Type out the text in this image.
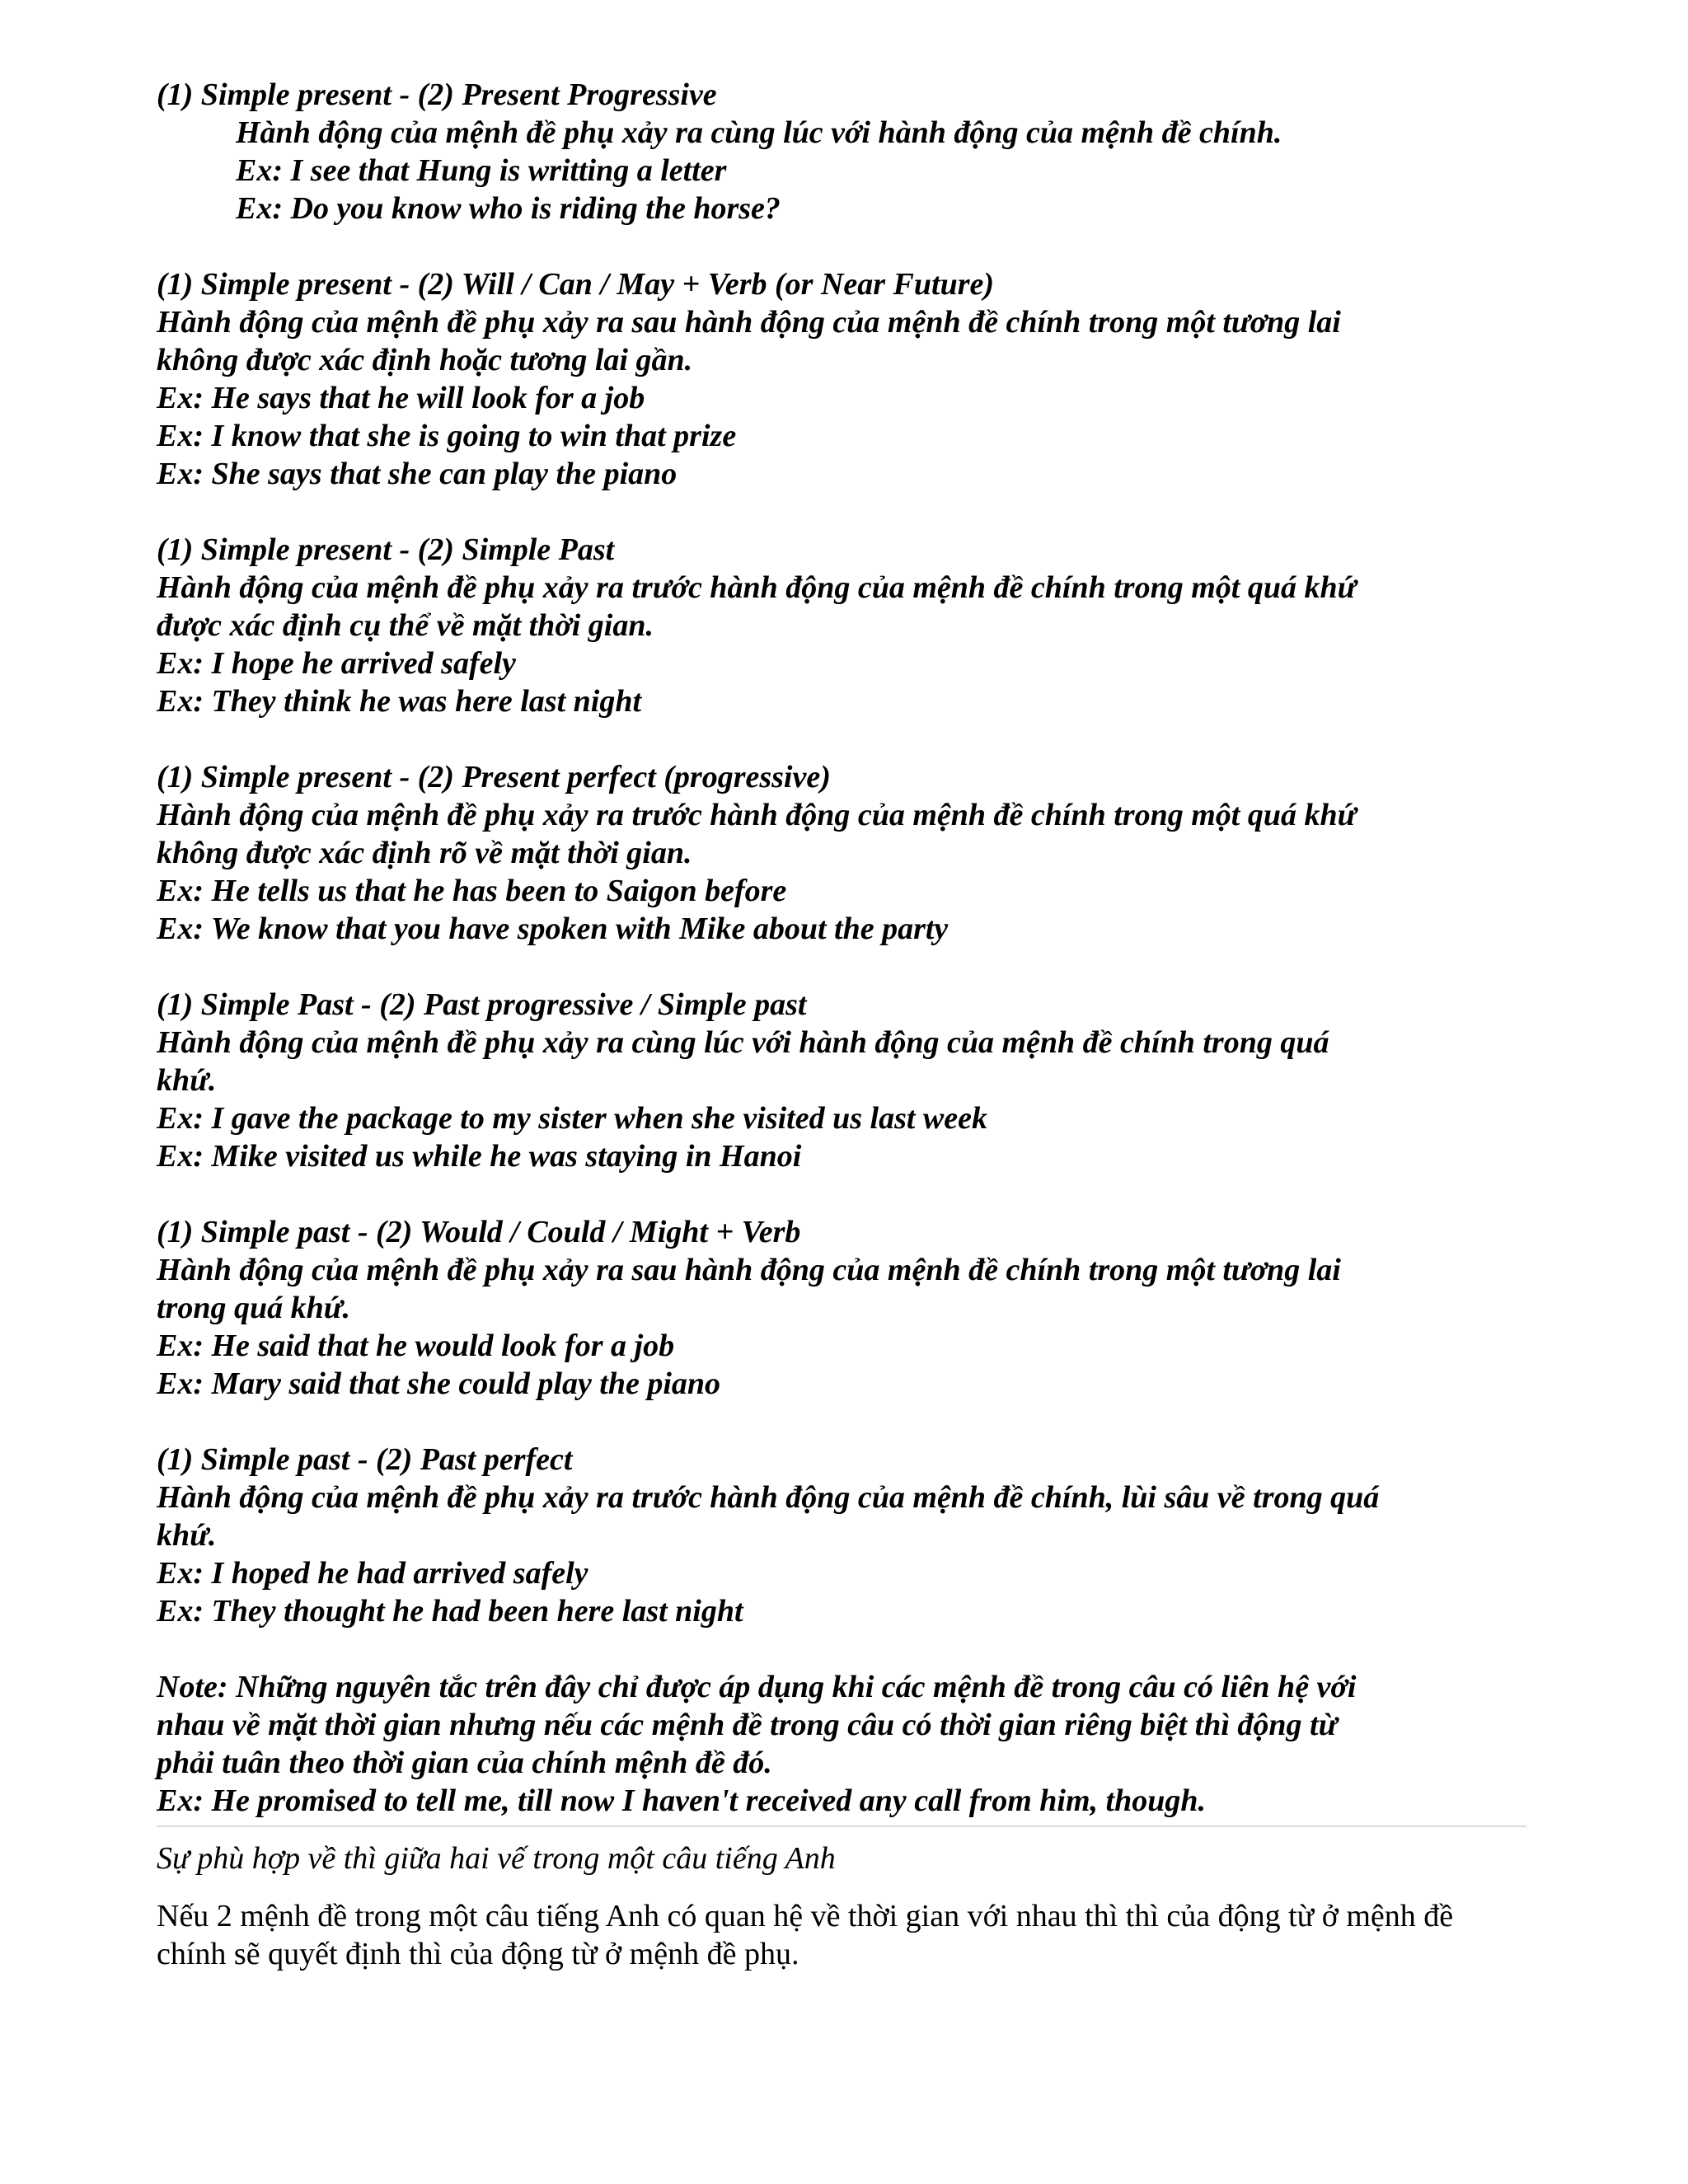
(1) Simple present - (2) Present Progressive
Hành động của mệnh đề phụ xảy ra cùng lúc với hành động của mệnh đề chính.
Ex: I see that Hung is writting a letter
Ex: Do you know who is riding the horse?
(1) Simple present - (2) Will / Can / May + Verb (or Near Future)
Hành động của mệnh đề phụ xảy ra sau hành động của mệnh đề chính trong một tương lai
không được xác định hoặc tương lai gần.
Ex: He says that he will look for a job
Ex: I know that she is going to win that prize
Ex: She says that she can play the piano
(1) Simple present - (2) Simple Past
Hành động của mệnh đề phụ xảy ra trước hành động của mệnh đề chính trong một quá khứ
được xác định cụ thể về mặt thời gian.
Ex: I hope he arrived safely
Ex: They think he was here last night
(1) Simple present - (2) Present perfect (progressive)
Hành động của mệnh đề phụ xảy ra trước hành động của mệnh đề chính trong một quá khứ
không được xác định rõ về mặt thời gian.
Ex: He tells us that he has been to Saigon before
Ex: We know that you have spoken with Mike about the party
(1) Simple Past - (2) Past progressive / Simple past
Hành động của mệnh đề phụ xảy ra cùng lúc với hành động của mệnh đề chính trong quá
khứ.
Ex: I gave the package to my sister when she visited us last week
Ex: Mike visited us while he was staying in Hanoi
(1) Simple past - (2) Would / Could / Might + Verb
Hành động của mệnh đề phụ xảy ra sau hành động của mệnh đề chính trong một tương lai
trong quá khứ.
Ex: He said that he would look for a job
Ex: Mary said that she could play the piano
(1) Simple past - (2) Past perfect
Hành động của mệnh đề phụ xảy ra trước hành động của mệnh đề chính, lùi sâu về trong quá
khứ.
Ex: I hoped he had arrived safely
Ex: They thought he had been here last night
Note: Những nguyên tắc trên đây chỉ được áp dụng khi các mệnh đề trong câu có liên hệ với
nhau về mặt thời gian nhưng nếu các mệnh đề trong câu có thời gian riêng biệt thì động từ
phải tuân theo thời gian của chính mệnh đề đó.
Ex: He promised to tell me, till now I haven't received any call from him, though.
Sự phù hợp về thì giữa hai vế trong một câu tiếng Anh
Nếu 2 mệnh đề trong một câu tiếng Anh có quan hệ về thời gian với nhau thì thì của động từ ở mệnh đề
chính sẽ quyết định thì của động từ ở mệnh đề phụ.
